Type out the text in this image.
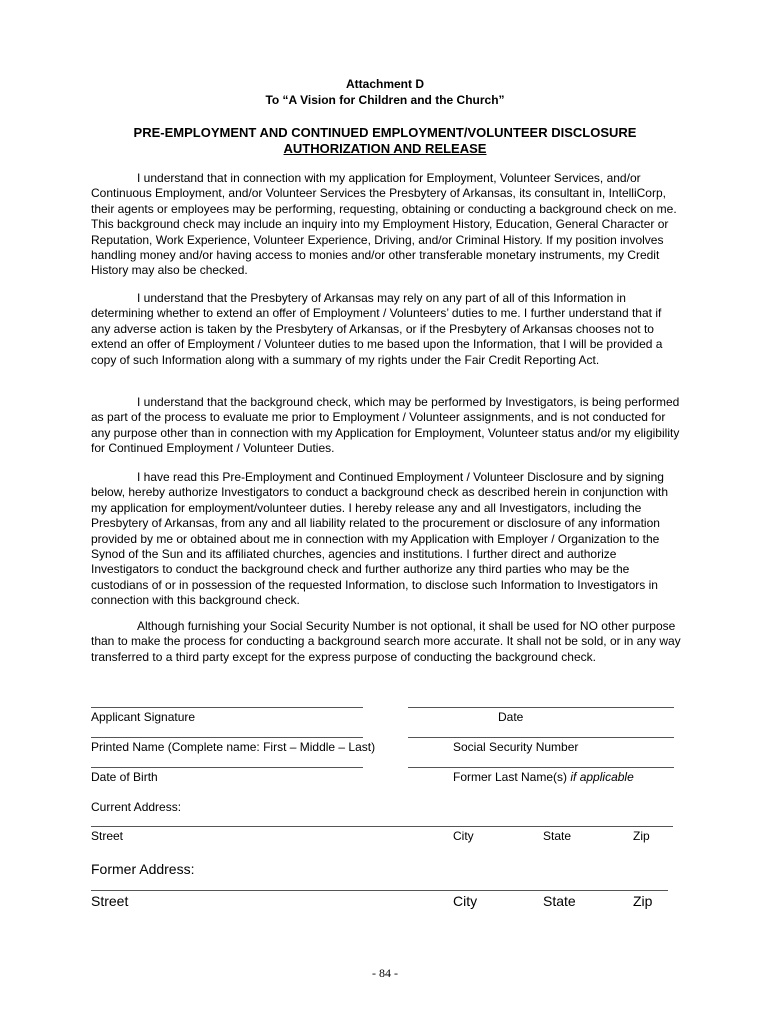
Attachment D
To “A Vision for Children and the Church”
PRE-EMPLOYMENT AND CONTINUED EMPLOYMENT/VOLUNTEER DISCLOSURE
AUTHORIZATION AND RELEASE

I understand that in connection with my application for Employment, Volunteer Services, and/or Continuous Employment, and/or Volunteer Services the Presbytery of Arkansas, its consultant in, IntelliCorp, their agents or employees may be performing, requesting, obtaining or conducting a background check on me. This background check may include an inquiry into my Employment History, Education, General Character or Reputation, Work Experience, Volunteer Experience, Driving, and/or Criminal History. If my position involves handling money and/or having access to monies and/or other transferable monetary instruments, my Credit History may also be checked.

I understand that the Presbytery of Arkansas may rely on any part of all of this Information in determining whether to extend an offer of Employment / Volunteers’ duties to me. I further understand that if any adverse action is taken by the Presbytery of Arkansas, or if the Presbytery of Arkansas chooses not to extend an offer of Employment / Volunteer duties to me based upon the Information, that I will be provided a copy of such Information along with a summary of my rights under the Fair Credit Reporting Act.

I understand that the background check, which may be performed by Investigators, is being performed as part of the process to evaluate me prior to Employment / Volunteer assignments, and is not conducted for any purpose other than in connection with my Application for Employment, Volunteer status and/or my eligibility for Continued Employment / Volunteer Duties.

I have read this Pre-Employment and Continued Employment / Volunteer Disclosure and by signing below, hereby authorize Investigators to conduct a background check as described herein in conjunction with my application for employment/volunteer duties. I hereby release any and all Investigators, including the Presbytery of Arkansas, from any and all liability related to the procurement or disclosure of any information provided by me or obtained about me in connection with my Application with Employer / Organization to the Synod of the Sun and its affiliated churches, agencies and institutions. I further direct and authorize Investigators to conduct the background check and further authorize any third parties who may be the custodians of or in possession of the requested Information, to disclose such Information to Investigators in connection with this background check.

Although furnishing your Social Security Number is not optional, it shall be used for NO other purpose than to make the process for conducting a background search more accurate. It shall not be sold, or in any way transferred to a third party except for the express purpose of conducting the background check.

Applicant Signature	Date
Printed Name (Complete name: First – Middle – Last)	Social Security Number
Date of Birth	Former Last Name(s) if applicable
Current Address:
Street	City	State	Zip
Former Address:
Street	City	State	Zip
- 84 -
